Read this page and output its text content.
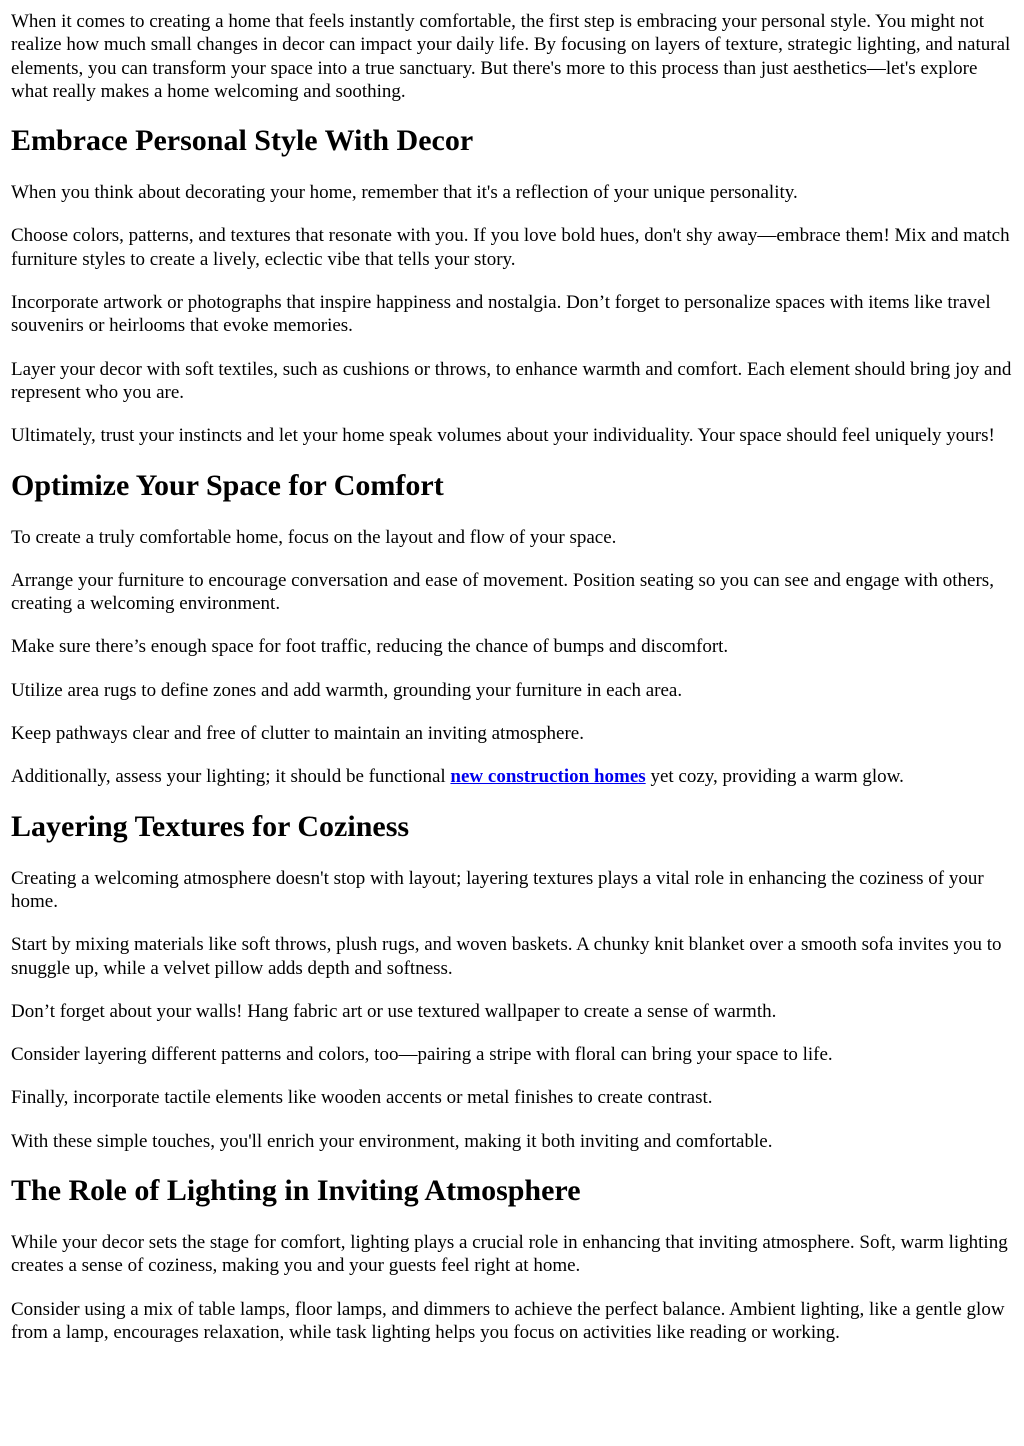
When it comes to creating a home that feels instantly comfortable, the first step is embracing your personal style. You might not realize how much small changes in decor can impact your daily life. By focusing on layers of texture, strategic lighting, and natural elements, you can transform your space into a true sanctuary. But there's more to this process than just aesthetics—let's explore what really makes a home welcoming and soothing.

Embrace Personal Style With Decor

When you think about decorating your home, remember that it's a reflection of your unique personality.

Choose colors, patterns, and textures that resonate with you. If you love bold hues, don't shy away—embrace them! Mix and match furniture styles to create a lively, eclectic vibe that tells your story.

Incorporate artwork or photographs that inspire happiness and nostalgia. Don’t forget to personalize spaces with items like travel souvenirs or heirlooms that evoke memories.

Layer your decor with soft textiles, such as cushions or throws, to enhance warmth and comfort. Each element should bring joy and represent who you are.

Ultimately, trust your instincts and let your home speak volumes about your individuality. Your space should feel uniquely yours!

Optimize Your Space for Comfort

To create a truly comfortable home, focus on the layout and flow of your space.

Arrange your furniture to encourage conversation and ease of movement. Position seating so you can see and engage with others, creating a welcoming environment.

Make sure there’s enough space for foot traffic, reducing the chance of bumps and discomfort.

Utilize area rugs to define zones and add warmth, grounding your furniture in each area.

Keep pathways clear and free of clutter to maintain an inviting atmosphere.

Additionally, assess your lighting; it should be functional new construction homes yet cozy, providing a warm glow.

Layering Textures for Coziness

Creating a welcoming atmosphere doesn't stop with layout; layering textures plays a vital role in enhancing the coziness of your home.

Start by mixing materials like soft throws, plush rugs, and woven baskets. A chunky knit blanket over a smooth sofa invites you to snuggle up, while a velvet pillow adds depth and softness.

Don’t forget about your walls! Hang fabric art or use textured wallpaper to create a sense of warmth.

Consider layering different patterns and colors, too—pairing a stripe with floral can bring your space to life.

Finally, incorporate tactile elements like wooden accents or metal finishes to create contrast.

With these simple touches, you'll enrich your environment, making it both inviting and comfortable.

The Role of Lighting in Inviting Atmosphere

While your decor sets the stage for comfort, lighting plays a crucial role in enhancing that inviting atmosphere. Soft, warm lighting creates a sense of coziness, making you and your guests feel right at home.

Consider using a mix of table lamps, floor lamps, and dimmers to achieve the perfect balance. Ambient lighting, like a gentle glow from a lamp, encourages relaxation, while task lighting helps you focus on activities like reading or working.
